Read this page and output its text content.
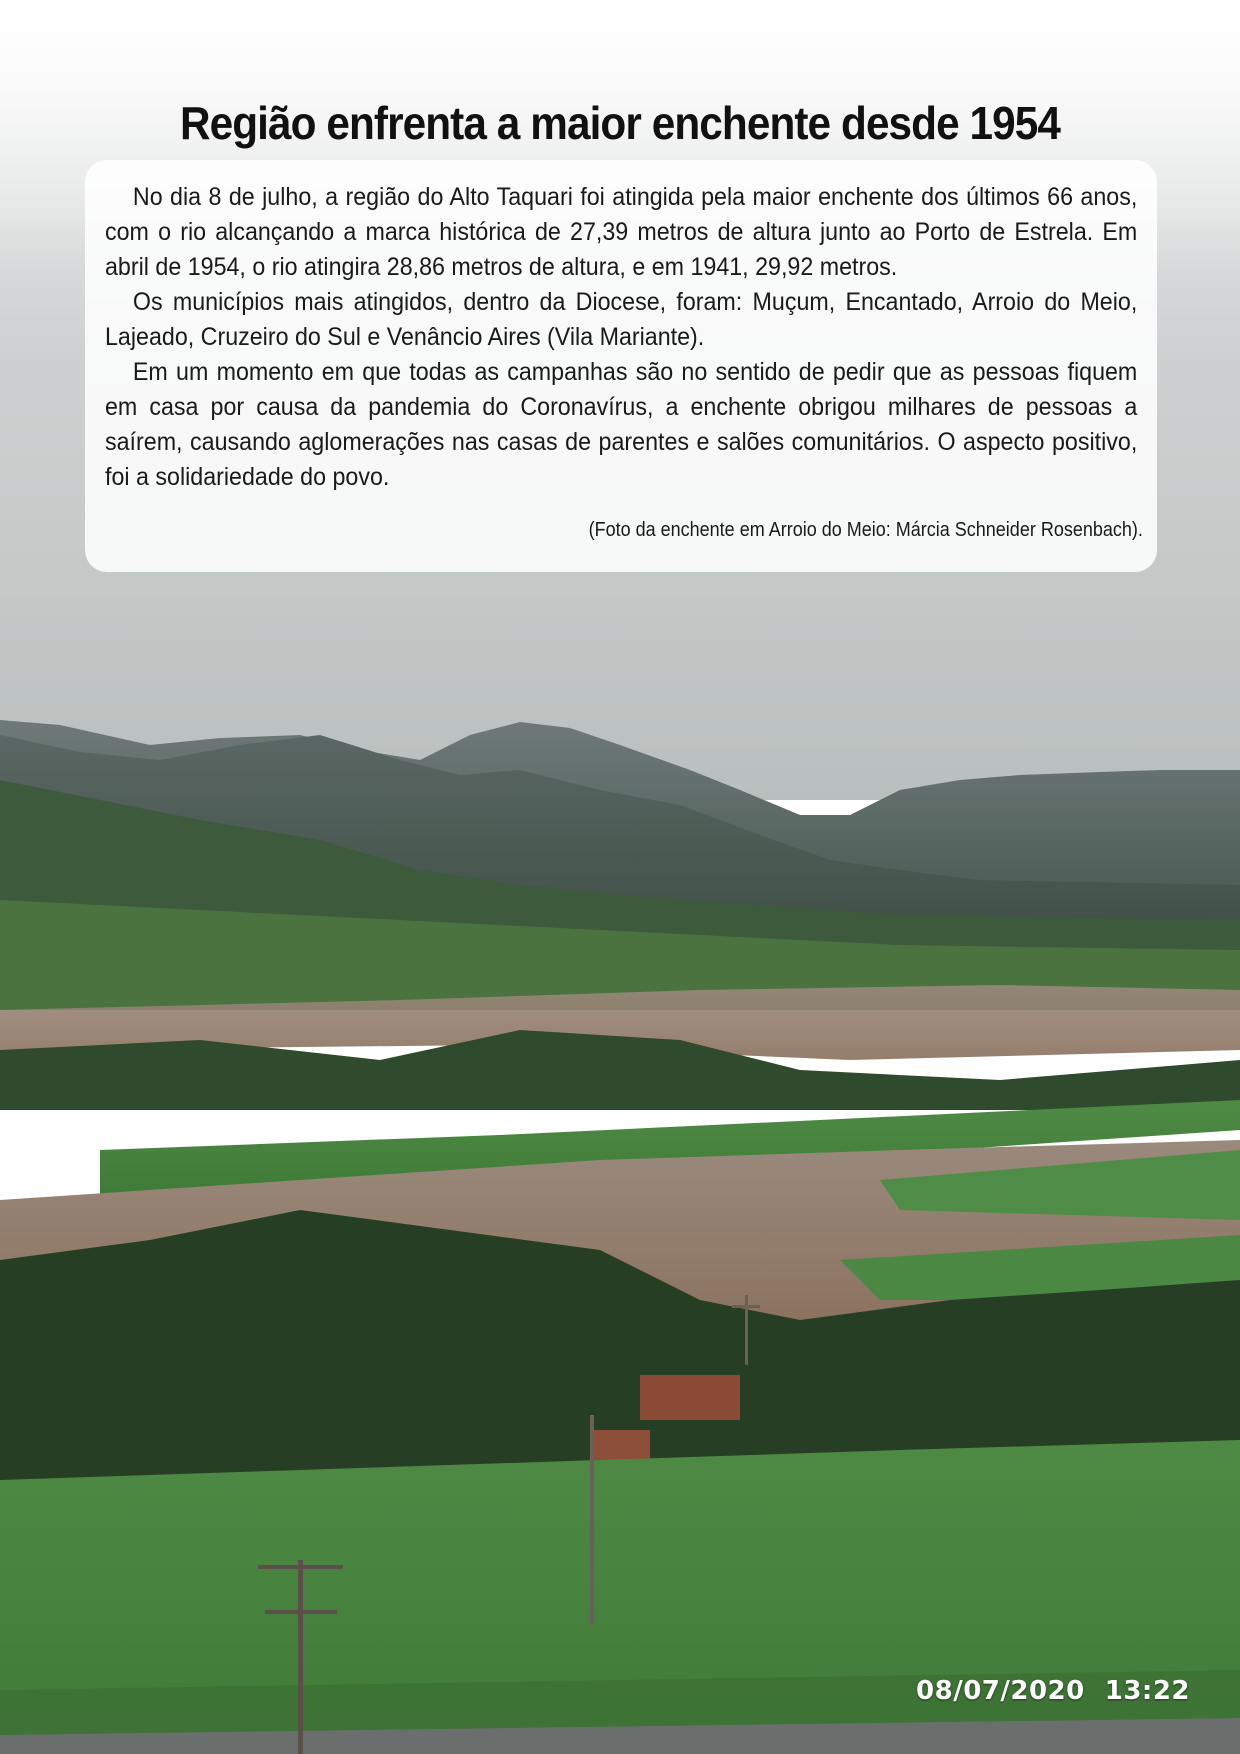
Região enfrenta a maior enchente desde 1954

No dia 8 de julho, a região do Alto Taquari foi atingida pela maior enchente dos últimos 66 anos, com o rio alcançando a marca histórica de 27,39 metros de altura junto ao Porto de Estrela. Em abril de 1954, o rio atingira 28,86 metros de altura, e em 1941, 29,92 metros.

Os municípios mais atingidos, dentro da Diocese, foram: Muçum, Encantado, Arroio do Meio, Lajeado, Cruzeiro do Sul e Venâncio Aires (Vila Mariante).

Em um momento em que todas as campanhas são no sentido de pedir que as pessoas fiquem em casa por causa da pandemia do Coronavírus, a enchente obrigou milhares de pessoas a saírem, causando aglomerações nas casas de parentes e salões comunitários. O aspecto positivo, foi a solidariedade do povo.

(Foto da enchente em Arroio do Meio: Márcia Schneider Rosenbach).
08/07/2020 13:22
